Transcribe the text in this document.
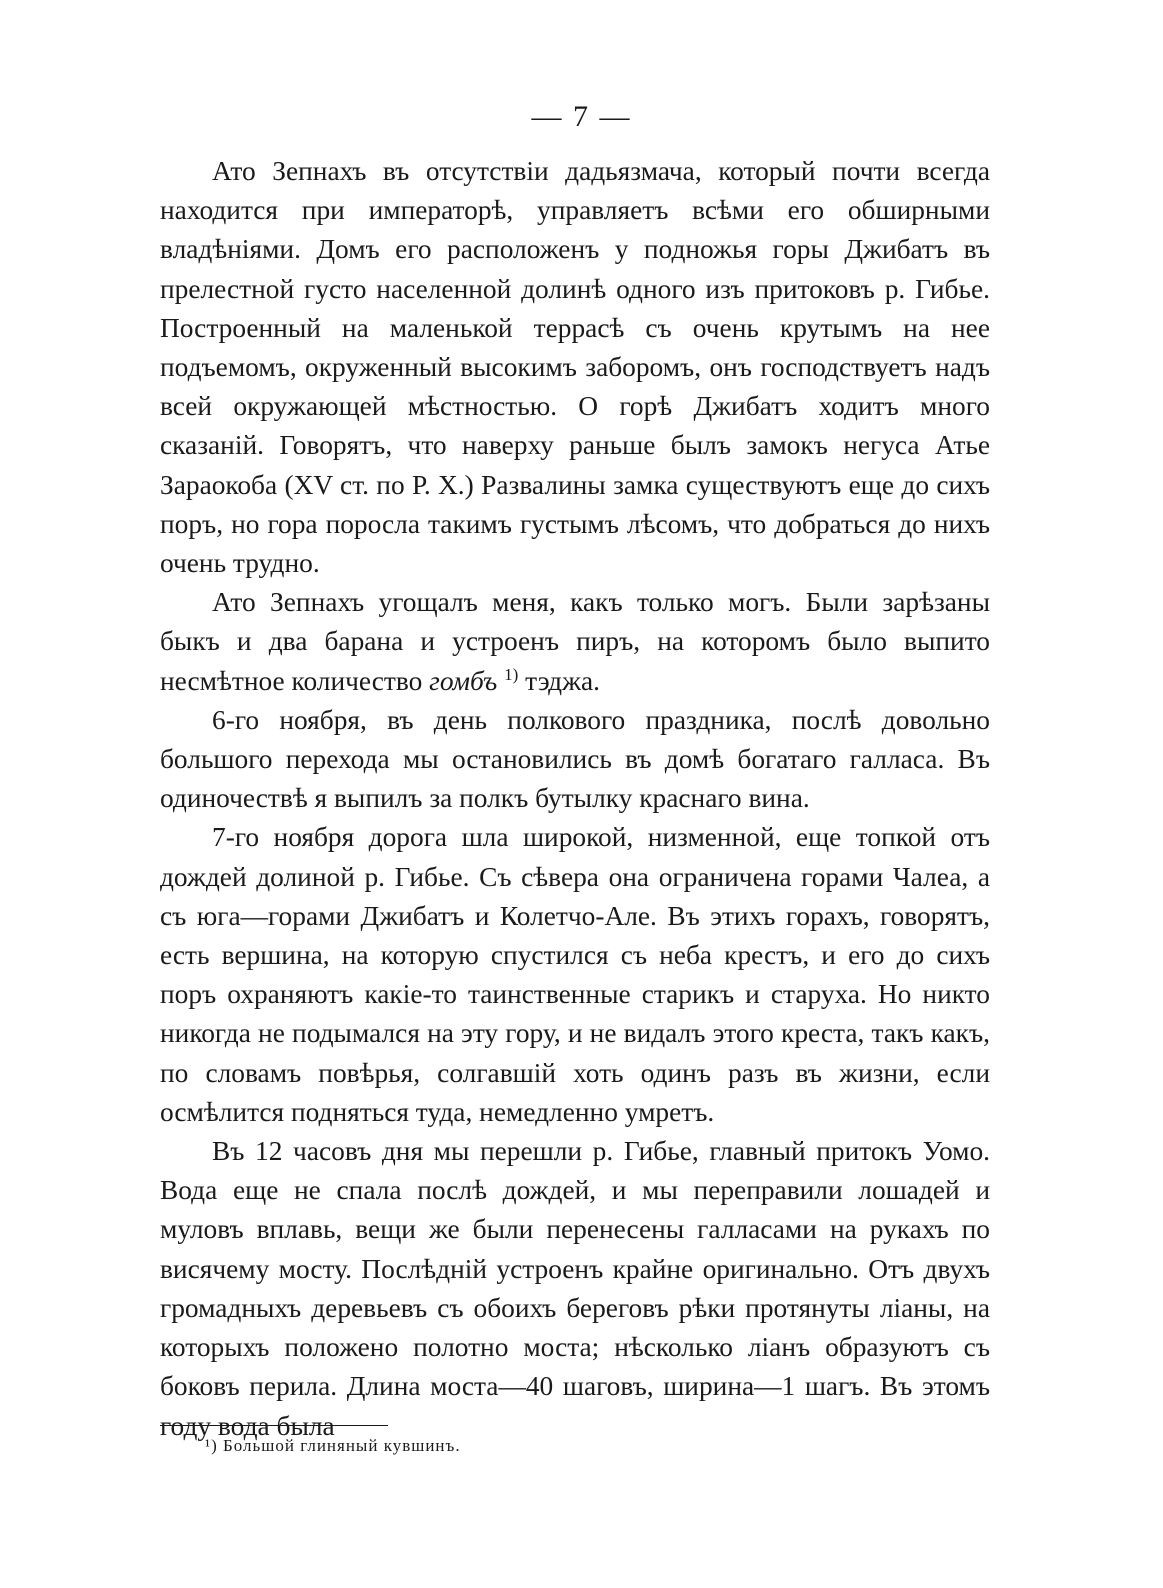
— 7 —

Ато Зепнахъ въ отсутствіи дадьязмача, который почти всегда находится при императорѣ, управляетъ всѣми его обширными владѣніями. Домъ его расположенъ у подножья горы Джибатъ въ прелестной густо населенной долинѣ одного изъ притоковъ р. Гибье. Построенный на маленькой террасѣ съ очень крутымъ на нее подъемомъ, окруженный высокимъ заборомъ, онъ господствуетъ надъ всей окружающей мѣстностью. О горѣ Джибатъ ходитъ много сказаній. Говорятъ, что наверху раньше былъ замокъ негуса Атье Зараокоба (XV ст. по Р. Х.) Развалины замка существуютъ еще до сихъ поръ, но гора поросла такимъ густымъ лѣсомъ, что добраться до нихъ очень трудно.

Ато Зепнахъ угощалъ меня, какъ только могъ. Были зарѣзаны быкъ и два барана и устроенъ пиръ, на которомъ было выпито несмѣтное количество гомбъ $^{1)}$ тэджа.

6-го ноября, въ день полкового праздника, послѣ довольно большого перехода мы остановились въ домѣ богатаго галласа. Въ одиночествѣ я выпилъ за полкъ бутылку краснаго вина.

7-го ноября дорога шла широкой, низменной, еще топкой отъ дождей долиной р. Гибье. Съ сѣвера она ограничена горами Чалеа, а съ юга—горами Джибатъ и Колетчо-Але. Въ этихъ горахъ, говорятъ, есть вершина, на которую спустился съ неба крестъ, и его до сихъ поръ охраняютъ какіе-то таинственные старикъ и старуха. Но никто никогда не подымался на эту гору, и не видалъ этого креста, такъ какъ, по словамъ повѣрья, солгавшій хоть одинъ разъ въ жизни, если осмѣлится подняться туда, немедленно умретъ.

Въ 12 часовъ дня мы перешли р. Гибье, главный притокъ Уомо. Вода еще не спала послѣ дождей, и мы переправили лошадей и муловъ вплавь, вещи же были перенесены галласами на рукахъ по висячему мосту. Послѣдній устроенъ крайне оригинально. Отъ двухъ громадныхъ деревьевъ съ обоихъ береговъ рѣки протянуты ліаны, на которыхъ положено полотно моста; нѣсколько ліанъ образуютъ съ боковъ перила. Длина моста—40 шаговъ, ширина—1 шагъ. Въ этомъ году вода была

¹) Большой глиняный кувшинъ.
